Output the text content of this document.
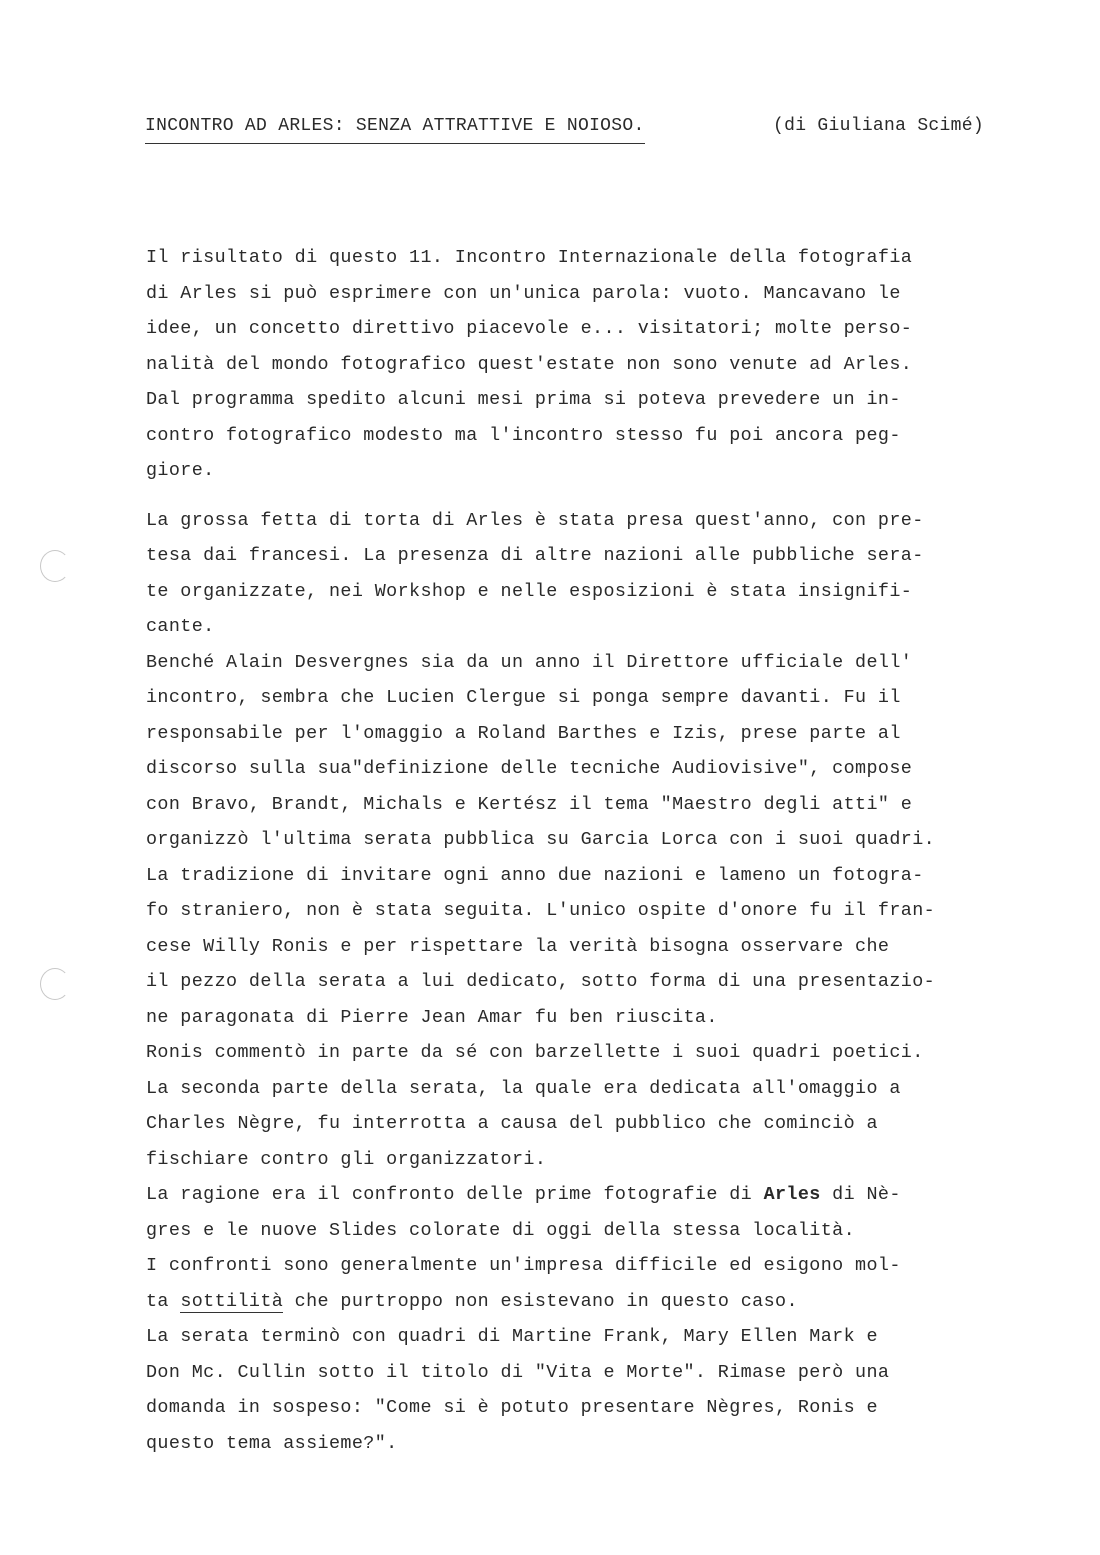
INCONTRO AD ARLES: SENZA ATTRATTIVE E NOIOSO.	(di Giuliana Scimé)
Il risultato di questo 11. Incontro Internazionale della fotografia
di Arles si può esprimere con un'unica parola: vuoto. Mancavano le
idee, un concetto direttivo piacevole e... visitatori; molte perso-
nalità del mondo fotografico quest'estate non sono venute ad Arles.
Dal programma spedito alcuni mesi prima si poteva prevedere un in-
contro fotografico modesto ma l'incontro stesso fu poi ancora peg-
giore.
La grossa fetta di torta di Arles è stata presa quest'anno, con pre-
tesa dai francesi. La presenza di altre nazioni alle pubbliche sera-
te organizzate, nei Workshop e nelle esposizioni è stata insignifi-
cante.
Benché Alain Desvergnes sia da un anno il Direttore ufficiale dell'
incontro, sembra che Lucien Clergue si ponga sempre davanti. Fu il
responsabile per l'omaggio a Roland Barthes e Izis, prese parte al
discorso sulla sua"definizione delle tecniche Audiovisive", compose
con Bravo, Brandt, Michals e Kertész il tema "Maestro degli atti" e
organizzò l'ultima serata pubblica su Garcia Lorca con i suoi quadri.
La tradizione di invitare ogni anno due nazioni e lameno un fotogra-
fo straniero, non è stata seguita. L'unico ospite d'onore fu il fran-
cese Willy Ronis e per rispettare la verità bisogna osservare che
il pezzo della serata a lui dedicato, sotto forma di una presentazio-
ne paragonata di Pierre Jean Amar fu ben riuscita.
Ronis commentò in parte da sé con barzellette i suoi quadri poetici.
La seconda parte della serata, la quale era dedicata all'omaggio a
Charles Nègre, fu interrotta a causa del pubblico che cominciò a
fischiare contro gli organizzatori.
La ragione era il confronto delle prime fotografie di Arles di Nè-
gres e le nuove Slides colorate di oggi della stessa località.
I confronti sono generalmente un'impresa difficile ed esigono mol-
ta sottilità che purtroppo non esistevano in questo caso.
La serata terminò con quadri di Martine Frank, Mary Ellen Mark e
Don Mc. Cullin sotto il titolo di "Vita e Morte". Rimase però una
domanda in sospeso: "Come si è potuto presentare Nègres, Ronis e
questo tema assieme?".
